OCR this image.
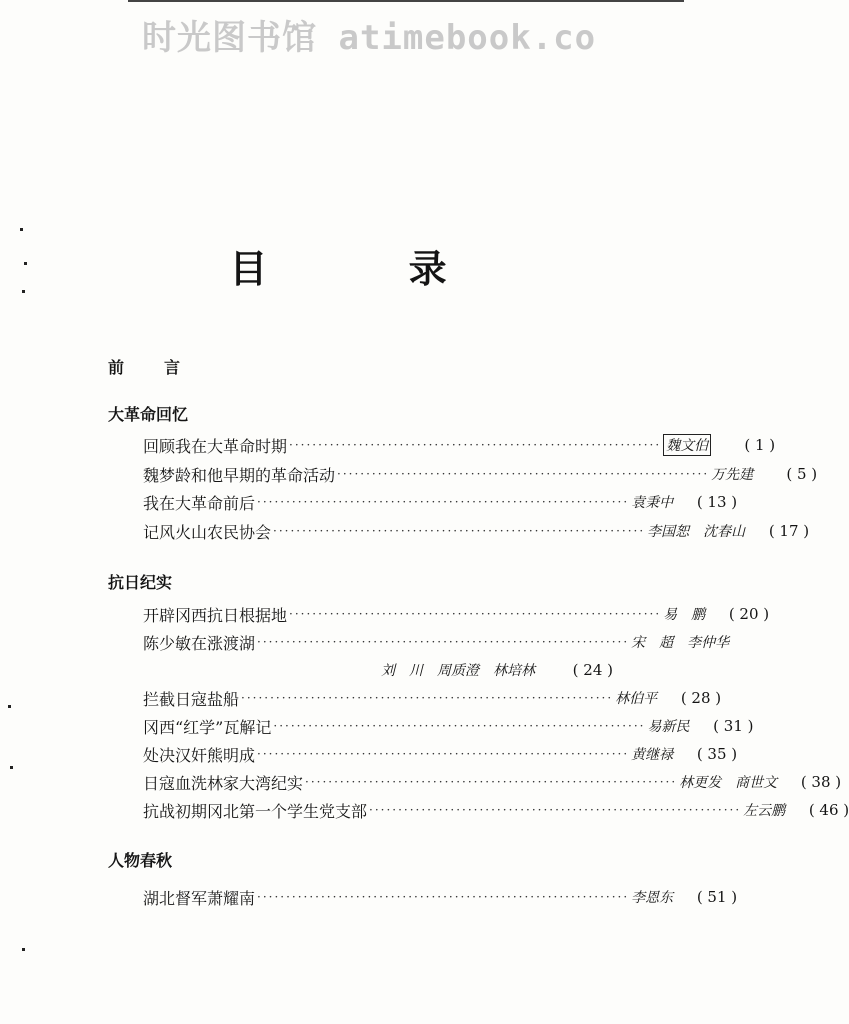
时光图书馆 atimebook.co
目 录
前言
大革命回忆
回顾我在大革命时期 ································································ 魏文伯	( 1 )
魏梦龄和他早期的革命活动 ································································ 万先建	( 5 )
我在大革命前后 ································································ 袁秉中	( 13 )
记风火山农民协会 ································································ 李国恕　沈春山	( 17 )
抗日纪实
开辟冈西抗日根据地 ································································ 易　鹏	( 20 )
陈少敏在涨渡湖 ································································ 宋　超　李仲华
刘　川　周质澄　林培林	( 24 )
拦截日寇盐船 ································································ 林伯平	( 28 )
冈西“红学”瓦解记 ································································ 易新民	( 31 )
处决汉奸熊明成 ································································ 黄继禄	( 35 )
日寇血洗林家大湾纪实 ································································ 林更发　商世文	( 38 )
抗战初期冈北第一个学生党支部 ································································ 左云鹏	( 46 )
人物春秋
湖北督军萧耀南 ································································ 李恩东	( 51 )
